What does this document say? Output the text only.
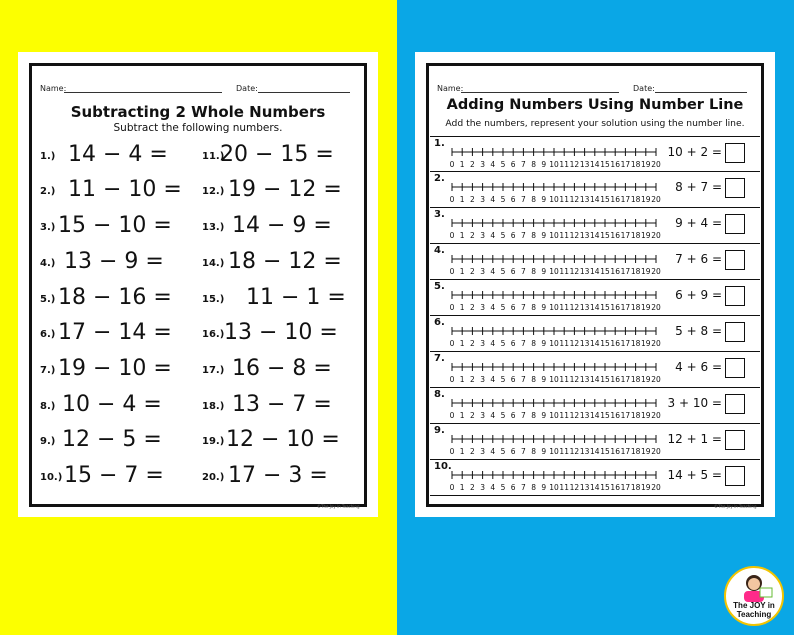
Name:	Date:
Subtracting 2 Whole Numbers
Subtract the following numbers.
1.) 14 − 4 =
2.) 11 − 10 =
3.) 15 − 10 =
4.) 13 − 9 =
5.) 18 − 16 =
6.) 17 − 14 =
7.) 19 − 10 =
8.) 10 − 4 =
9.) 12 − 5 =
10.) 15 − 7 =
11.)
20 − 15 =
12.) 19 − 12 =
13.) 14 − 9 =
14.) 18 − 12 =
15.) 11 − 1 =
16.) 13 − 10 =
17.) 16 − 8 =
18.) 13 − 7 =
19.) 12 − 10 =
20.) 17 − 3 =
©The Joy in Teaching
Name:	Date:
Adding Numbers Using Number Line
Add the numbers, represent your solution using the number line.
1.
0 1 2 3 4 5 6 7 8 9 10 11 12 13 14 15 16 17 18 19 20
10 + 2 =
2.
0 1 2 3 4 5 6 7 8 9 10 11 12 13 14 15 16 17 18 19 20
8 + 7 =
3.
0 1 2 3 4 5 6 7 8 9 10 11 12 13 14 15 16 17 18 19 20
9 + 4 =
4.
0 1 2 3 4 5 6 7 8 9 10 11 12 13 14 15 16 17 18 19 20
7 + 6 =
5.
0 1 2 3 4 5 6 7 8 9 10 11 12 13 14 15 16 17 18 19 20
6 + 9 =
6.
0 1 2 3 4 5 6 7 8 9 10 11 12 13 14 15 16 17 18 19 20
5 + 8 =
7.
0 1 2 3 4 5 6 7 8 9 10 11 12 13 14 15 16 17 18 19 20
4 + 6 =
8.
0 1 2 3 4 5 6 7 8 9 10 11 12 13 14 15 16 17 18 19 20
3 + 10 =
9.
0 1 2 3 4 5 6 7 8 9 10 11 12 13 14 15 16 17 18 19 20
12 + 1 =
10.
0 1 2 3 4 5 6 7 8 9 10 11 12 13 14 15 16 17 18 19 20
14 + 5 =
©The Joy in Teaching
The JOY in
Teaching
